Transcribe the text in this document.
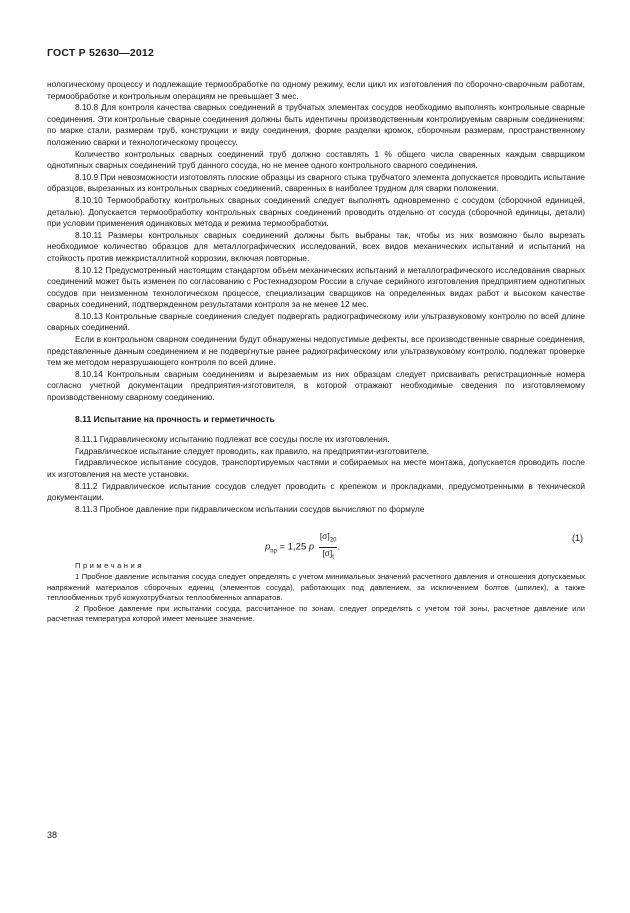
ГОСТ Р 52630—2012

нологическому процессу и подлежащие термообработке по одному режиму, если цикл их изготовления по сборочно-сварочным работам, термообработке и контрольным операциям не превышает 3 мес.

8.10.8 Для контроля качества сварных соединений в трубчатых элементах сосудов необходимо выполнять контрольные сварные соединения. Эти контрольные сварные соединения должны быть идентичны производственным контролируемым сварным соединениям: по марке стали, размерам труб, конструкции и виду соединения, форме разделки кромок, сборочным размерам, пространственному положению сварки и технологическому процессу.

Количество контрольных сварных соединений труб должно составлять 1 % общего числа сваренных каждым сварщиком однотипных сварных соединений труб данного сосуда, но не менее одного контрольного сварного соединения.

8.10.9 При невозможности изготовлять плоские образцы из сварного стыка трубчатого элемента допускается проводить испытание образцов, вырезанных из контрольных сварных соединений, сваренных в наиболее трудном для сварки положении.

8.10.10 Термообработку контрольных сварных соединений следует выполнять одновременно с сосудом (сборочной единицей, деталью). Допускается термообработку контрольных сварных соединений проводить отдельно от сосуда (сборочной единицы, детали) при условии применения одинаковых метода и режима термообработки.

8.10.11 Размеры контрольных сварных соединений должны быть выбраны так, чтобы из них возможно было вырезать необходимое количество образцов для металлографических исследований, всех видов механических испытаний и испытаний на стойкость против межкристаллитной коррозии, включая повторные.

8.10.12 Предусмотренный настоящим стандартом объем механических испытаний и металлографического исследования сварных соединений может быть изменен по согласованию с Ростехнадзором России в случае серийного изготовления предприятием однотипных сосудов при неизменном технологическом процессе, специализации сварщиков на определенных видах работ и высоком качестве сварных соединений, подтвержденном результатами контроля за не менее 12 мес.

8.10.13 Контрольные сварные соединения следует подвергать радиографическому или ультразвуковому контролю по всей длине сварных соединений.

Если в контрольном сварном соединении будут обнаружены недопустимые дефекты, все производственные сварные соединения, представленные данным соединением и не подвергнутые ранее радиографическому или ультразвуковому контролю, подлежат проверке тем же методом неразрушающего контроля по всей длине.

8.10.14 Контрольным сварным соединениям и вырезаемым из них образцам следует присваивать регистрационные номера согласно учетной документации предприятия-изготовителя, в которой отражают необходимые сведения по изготовляемому производственному сварному соединению.

8.11 Испытание на прочность и герметичность

8.11.1 Гидравлическому испытанию подлежат все сосуды после их изготовления.

Гидравлическое испытание следует проводить, как правило, на предприятии-изготовителе.

Гидравлическое испытание сосудов, транспортируемых частями и собираемых на месте монтажа, допускается проводить после их изготовления на месте установки.

8.11.2 Гидравлическое испытание сосудов следует проводить с крепежом и прокладками, предусмотренными в технической документации.

8.11.3 Пробное давление при гидравлическом испытании сосудов вычисляют по формуле

$p_{пр} = 1,25$ p $\frac{[\sigma]_{20}}{[\sigma]_t}$ .
(1)

Примечания

1 Пробное давление испытания сосуда следует определять с учетом минимальных значений расчетного давления и отношения допускаемых напряжений материалов сборочных единиц (элементов сосуда), работающих под давлением, за исключением болтов (шпилек), а также теплообменных труб кожухотрубчатых теплообменных аппаратов.

2 Пробное давление при испытании сосуда, рассчитанное по зонам, следует определять с учетом той зоны, расчетное давление или расчетная температура которой имеет меньшее значение.

38
